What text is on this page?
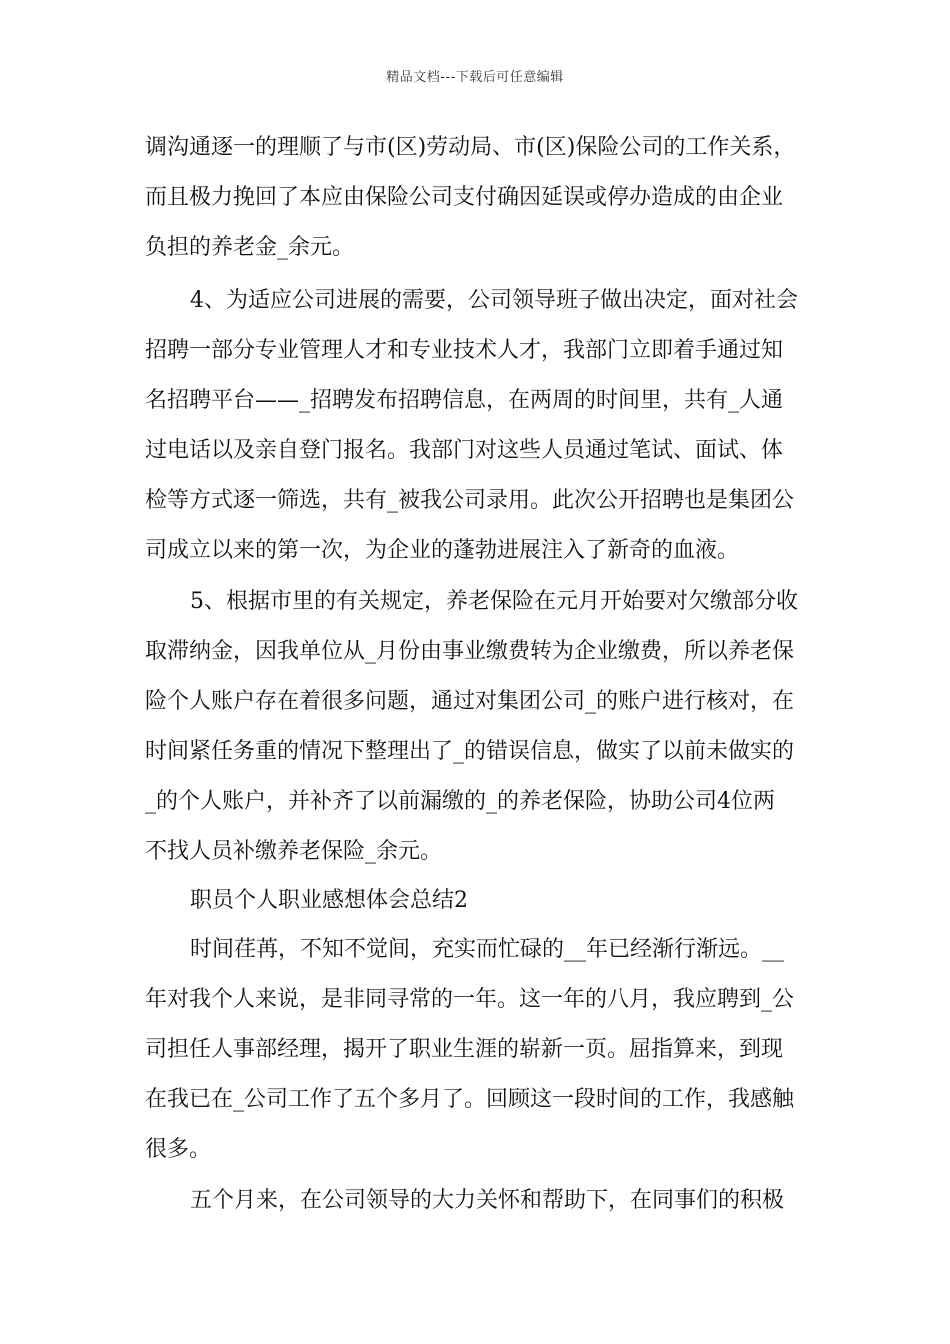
精品文档---下载后可任意编辑
调沟通逐一的理顺了与市(区)劳动局、市(区)保险公司的工作关系，
而且极力挽回了本应由保险公司支付确因延误或停办造成的由企业
负担的养老金_余元。
4、为适应公司进展的需要，公司领导班子做出决定，面对社会
招聘一部分专业管理人才和专业技术人才，我部门立即着手通过知
名招聘平台——_招聘发布招聘信息，在两周的时间里，共有_人通
过电话以及亲自登门报名。我部门对这些人员通过笔试、面试、体
检等方式逐一筛选，共有_被我公司录用。此次公开招聘也是集团公
司成立以来的第一次，为企业的蓬勃进展注入了新奇的血液。
5、根据市里的有关规定，养老保险在元月开始要对欠缴部分收
取滞纳金，因我单位从_月份由事业缴费转为企业缴费，所以养老保
险个人账户存在着很多问题，通过对集团公司_的账户进行核对，在
时间紧任务重的情况下整理出了_的错误信息，做实了以前未做实的
_的个人账户，并补齐了以前漏缴的_的养老保险，协助公司4位两
不找人员补缴养老保险_余元。
职员个人职业感想体会总结2
时间荏苒，不知不觉间，充实而忙碌的__年已经渐行渐远。__
年对我个人来说，是非同寻常的一年。这一年的八月，我应聘到_公
司担任人事部经理，揭开了职业生涯的崭新一页。屈指算来，到现
在我已在_公司工作了五个多月了。回顾这一段时间的工作，我感触
很多。
五个月来，在公司领导的大力关怀和帮助下，在同事们的积极
